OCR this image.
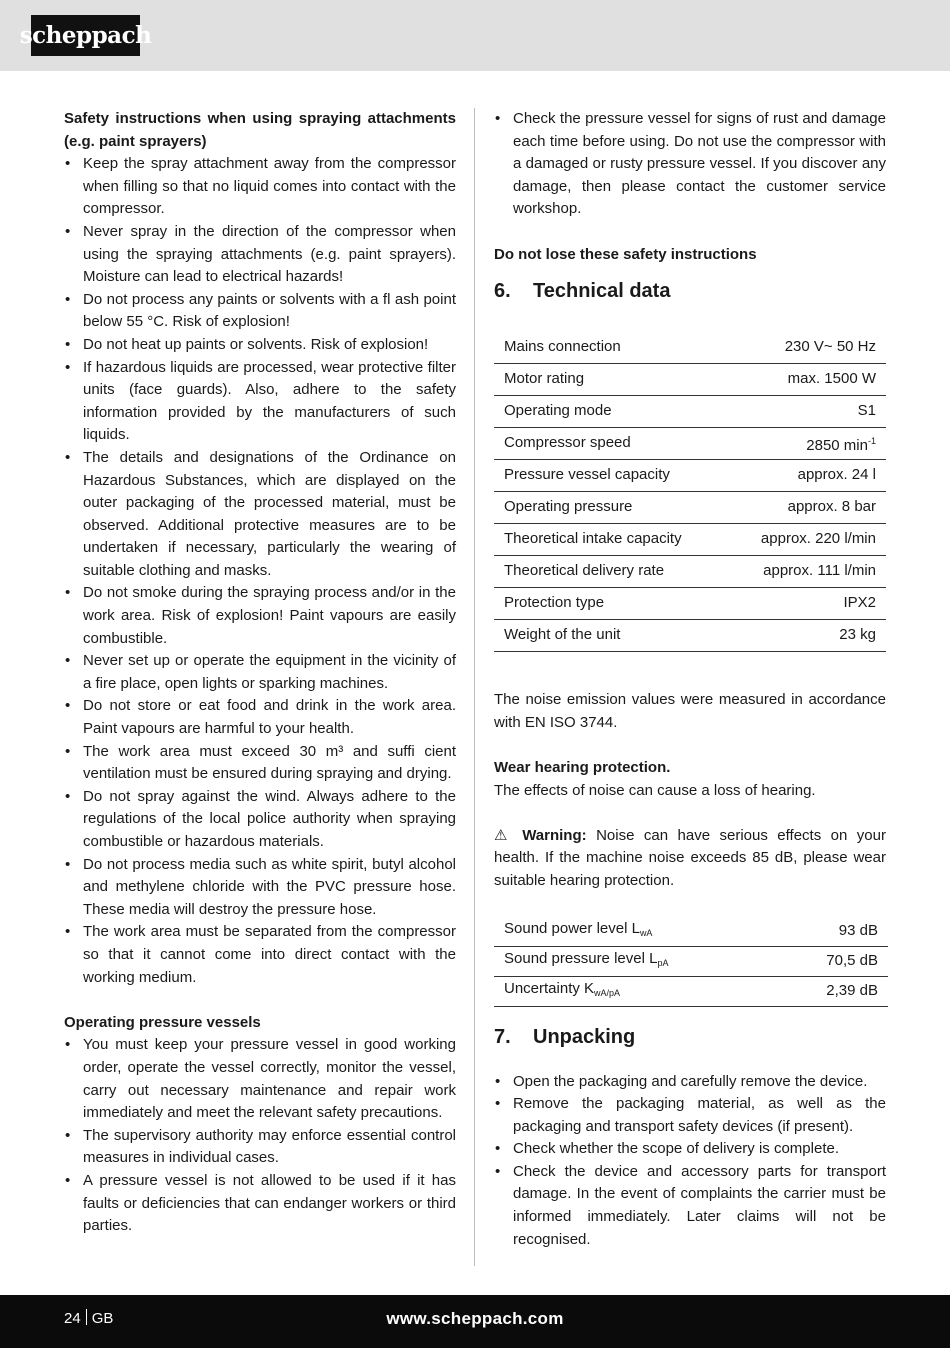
scheppach

Safety instructions when using spraying attachments (e.g. paint sprayers)

• Keep the spray attachment away from the compressor when filling so that no liquid comes into contact with the compressor.
• Never spray in the direction of the compressor when using the spraying attachments (e.g. paint sprayers). Moisture can lead to electrical hazards!
• Do not process any paints or solvents with a fl ash point below 55 °C. Risk of explosion!
• Do not heat up paints or solvents. Risk of explosion!
• If hazardous liquids are processed, wear protective filter units (face guards). Also, adhere to the safety information provided by the manufacturers of such liquids.
• The details and designations of the Ordinance on Hazardous Substances, which are displayed on the outer packaging of the processed material, must be observed. Additional protective measures are to be undertaken if necessary, particularly the wearing of suitable clothing and masks.
• Do not smoke during the spraying process and/or in the work area. Risk of explosion! Paint vapours are easily combustible.
• Never set up or operate the equipment in the vicinity of a fire place, open lights or sparking machines.
• Do not store or eat food and drink in the work area. Paint vapours are harmful to your health.
• The work area must exceed 30 m³ and suffi cient ventilation must be ensured during spraying and drying.
• Do not spray against the wind. Always adhere to the regulations of the local police authority when spraying combustible or hazardous materials.
• Do not process media such as white spirit, butyl alcohol and methylene chloride with the PVC pressure hose. These media will destroy the pressure hose.
• The work area must be separated from the compressor so that it cannot come into direct contact with the working medium.

Operating pressure vessels

• You must keep your pressure vessel in good working order, operate the vessel correctly, monitor the vessel, carry out necessary maintenance and repair work immediately and meet the relevant safety precautions.
• The supervisory authority may enforce essential control measures in individual cases.
• A pressure vessel is not allowed to be used if it has faults or deficiencies that can endanger workers or third parties.
• Check the pressure vessel for signs of rust and damage each time before using. Do not use the compressor with a damaged or rusty pressure vessel. If you discover any damage, then please contact the customer service workshop.

Do not lose these safety instructions

6.	Technical data
Mains connection	230 V~ 50 Hz
Motor rating	max. 1500 W
Operating mode	S1
Compressor speed	2850 $\min^{-1}$
Pressure vessel capacity	approx. 24 l
Operating pressure	approx. 8 bar
Theoretical intake capacity	approx. 220 l/min
Theoretical delivery rate	approx. 111 l/min
Protection type	IPX2
Weight of the unit	23 kg

The noise emission values were measured in accordance with EN ISO 3744.

Wear hearing protection.

The effects of noise can cause a loss of hearing.

⚠ Warning: Noise can have serious effects on your health. If the machine noise exceeds 85 dB, please wear suitable hearing protection.

Sound power level $L_{wA}$	93 dB
Sound pressure level $L_{pA}$	70,5 dB
Uncertainty $K_{wA/pA}$	2,39 dB
7.	Unpacking
• Open the packaging and carefully remove the device.
• Remove the packaging material, as well as the packaging and transport safety devices (if present).
• Check whether the scope of delivery is complete.
• Check the device and accessory parts for transport damage. In the event of complaints the carrier must be informed immediately. Later claims will not be recognised.
24 GB	www.scheppach.com
